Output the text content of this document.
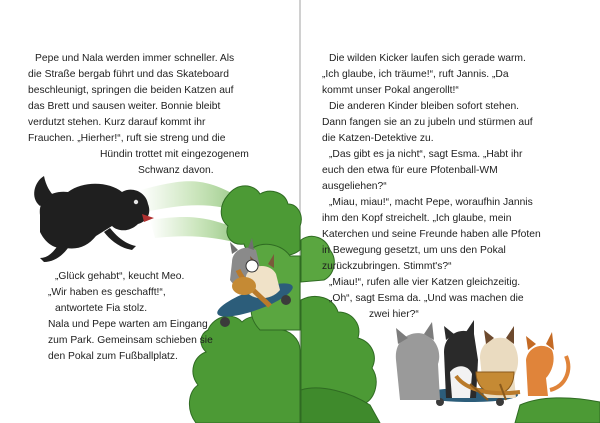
Pepe und Nala werden immer schneller. Als
die Straße bergab führt und das Skateboard
beschleunigt, springen die beiden Katzen auf
das Brett und sausen weiter. Bonnie bleibt
verdutzt stehen. Kurz darauf kommt ihr
Frauchen. „Hierher!“, ruft sie streng und die
Hündin trottet mit eingezogenem
Schwanz davon.
„Glück gehabt“, keucht Meo.
„Wir haben es geschafft!“,
antwortete Fia stolz.
Nala und Pepe warten am Eingang
zum Park. Gemeinsam schieben sie
den Pokal zum Fußballplatz.
Die wilden Kicker laufen sich gerade warm.
„Ich glaube, ich träume!“, ruft Jannis. „Da
kommt unser Pokal angerollt!“
Die anderen Kinder bleiben sofort stehen.
Dann fangen sie an zu jubeln und stürmen auf
die Katzen-Detektive zu.
„Das gibt es ja nicht“, sagt Esma. „Habt ihr
euch den etwa für eure Pfotenball-WM
ausgeliehen?“
„Miau, miau!“, macht Pepe, woraufhin Jannis
ihm den Kopf streichelt. „Ich glaube, mein
Katerchen und seine Freunde haben alle Pfoten
in Bewegung gesetzt, um uns den Pokal
zurückzubringen. Stimmt's?“
„Miau!“, rufen alle vier Katzen gleichzeitig.
„Oh“, sagt Esma da. „Und was machen die
zwei hier?“
